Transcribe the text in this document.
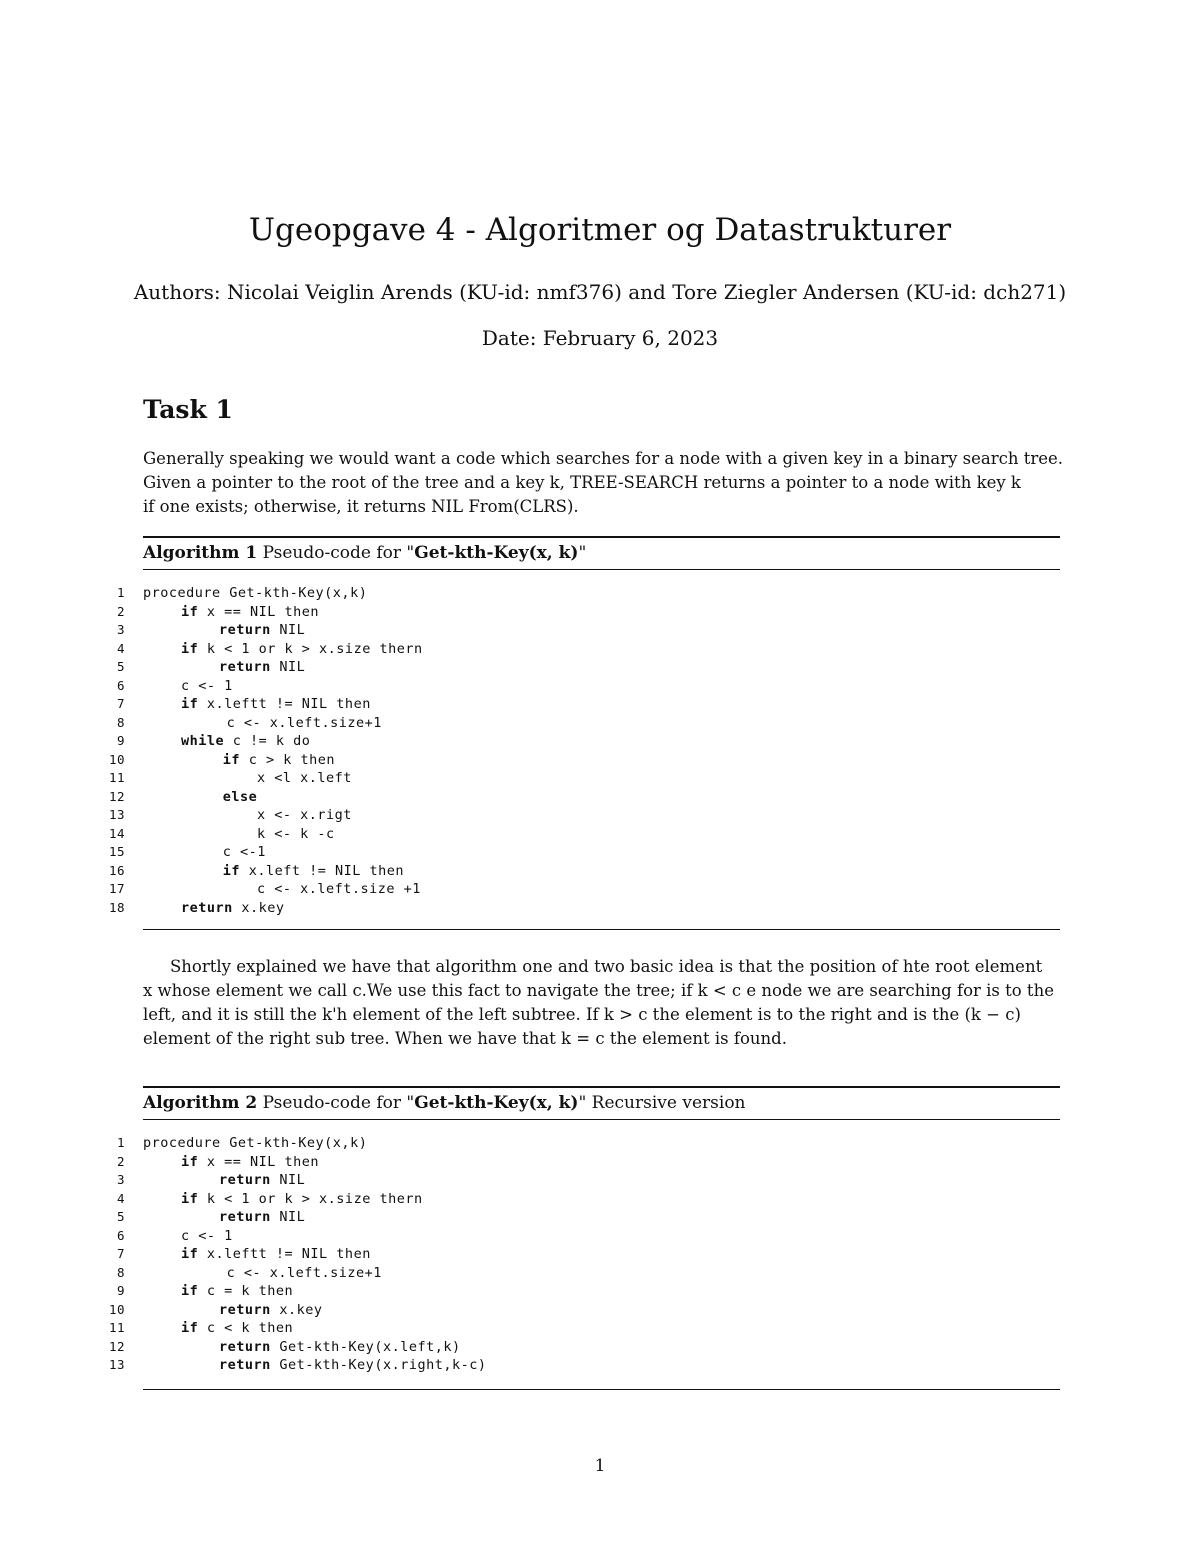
Ugeopgave 4 - Algoritmer og Datastrukturer

Authors: Nicolai Veiglin Arends (KU-id: nmf376) and Tore Ziegler Andersen (KU-id: dch271)

Date: February 6, 2023

Task 1

Generally speaking we would want a code which searches for a node with a given key in a binary search tree.
Given a pointer to the root of the tree and a key k, TREE-SEARCH returns a pointer to a node with key k
if one exists; otherwise, it returns NIL From(CLRS).

Algorithm 1 Pseudo-code for "Get-kth-Key(x, k)"
1 procedure Get-kth-Key(x,k)
2	if x == NIL then
3	return NIL
4	if k < 1 or k > x.size thern
5	return NIL
6	c <- 1
7	if x.leftt != NIL then
8	c <- x.left.size+1
9	while c != k do
10	if c > k then
11	x <l x.left
12	else
13	x <- x.rigt
14	k <- k -c
15	c <-1
16	if x.left != NIL then
17	c <- x.left.size +1
18	return x.key

Shortly explained we have that algorithm one and two basic idea is that the position of hte root element
x whose element we call c.We use this fact to navigate the tree; if k < c e node we are searching for is to the
left, and it is still the k'h element of the left subtree. If k > c the element is to the right and is the (k − c)
element of the right sub tree. When we have that k = c the element is found.

Algorithm 2 Pseudo-code for "Get-kth-Key(x, k)" Recursive version
1 procedure Get-kth-Key(x,k)
2	if x == NIL then
3	return NIL
4	if k < 1 or k > x.size thern
5	return NIL
6	c <- 1
7	if x.leftt != NIL then
8	c <- x.left.size+1
9	if c = k then
10	return x.key
11	if c < k then
12	return Get-kth-Key(x.left,k)
13	return Get-kth-Key(x.right,k-c)

1
